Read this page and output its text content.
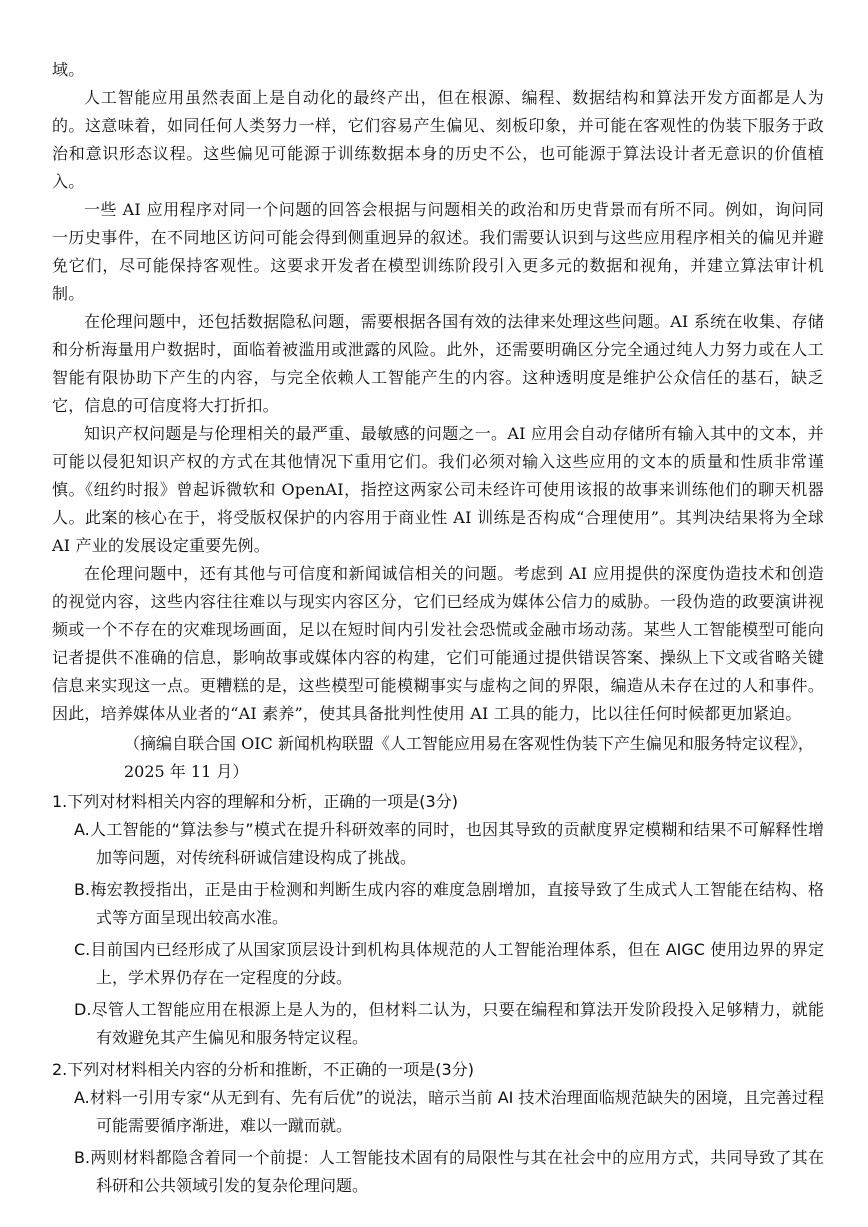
域。

人工智能应用虽然表面上是自动化的最终产出，但在根源、编程、数据结构和算法开发方面都是人为的。这意味着，如同任何人类努力一样，它们容易产生偏见、刻板印象，并可能在客观性的伪装下服务于政治和意识形态议程。这些偏见可能源于训练数据本身的历史不公，也可能源于算法设计者无意识的价值植入。

一些 AI 应用程序对同一个问题的回答会根据与问题相关的政治和历史背景而有所不同。例如，询问同一历史事件，在不同地区访问可能会得到侧重迥异的叙述。我们需要认识到与这些应用程序相关的偏见并避免它们，尽可能保持客观性。这要求开发者在模型训练阶段引入更多元的数据和视角，并建立算法审计机制。

在伦理问题中，还包括数据隐私问题，需要根据各国有效的法律来处理这些问题。AI 系统在收集、存储和分析海量用户数据时，面临着被滥用或泄露的风险。此外，还需要明确区分完全通过纯人力努力或在人工智能有限协助下产生的内容，与完全依赖人工智能产生的内容。这种透明度是维护公众信任的基石，缺乏它，信息的可信度将大打折扣。

知识产权问题是与伦理相关的最严重、最敏感的问题之一。AI 应用会自动存储所有输入其中的文本，并可能以侵犯知识产权的方式在其他情况下重用它们。我们必须对输入这些应用的文本的质量和性质非常谨慎。《纽约时报》曾起诉微软和 OpenAI，指控这两家公司未经许可使用该报的故事来训练他们的聊天机器人。此案的核心在于，将受版权保护的内容用于商业性 AI 训练是否构成“合理使用”。其判决结果将为全球 AI 产业的发展设定重要先例。

在伦理问题中，还有其他与可信度和新闻诚信相关的问题。考虑到 AI 应用提供的深度伪造技术和创造的视觉内容，这些内容往往难以与现实内容区分，它们已经成为媒体公信力的威胁。一段伪造的政要演讲视频或一个不存在的灾难现场画面，足以在短时间内引发社会恐慌或金融市场动荡。某些人工智能模型可能向记者提供不准确的信息，影响故事或媒体内容的构建，它们可能通过提供错误答案、操纵上下文或省略关键信息来实现这一点。更糟糕的是，这些模型可能模糊事实与虚构之间的界限，编造从未存在过的人和事件。因此，培养媒体从业者的“AI 素养”，使其具备批判性使用 AI 工具的能力，比以往任何时候都更加紧迫。

（摘编自联合国 OIC 新闻机构联盟《人工智能应用易在客观性伪装下产生偏见和服务特定议程》，2025 年 11 月）

1.下列对材料相关内容的理解和分析，正确的一项是(3分)

A.人工智能的“算法参与”模式在提升科研效率的同时，也因其导致的贡献度界定模糊和结果不可解释性增加等问题，对传统科研诚信建设构成了挑战。

B.梅宏教授指出，正是由于检测和判断生成内容的难度急剧增加，直接导致了生成式人工智能在结构、格式等方面呈现出较高水准。

C.目前国内已经形成了从国家顶层设计到机构具体规范的人工智能治理体系，但在 AIGC 使用边界的界定上，学术界仍存在一定程度的分歧。

D.尽管人工智能应用在根源上是人为的，但材料二认为，只要在编程和算法开发阶段投入足够精力，就能有效避免其产生偏见和服务特定议程。

2.下列对材料相关内容的分析和推断，不正确的一项是(3分)

A.材料一引用专家“从无到有、先有后优”的说法，暗示当前 AI 技术治理面临规范缺失的困境，且完善过程可能需要循序渐进，难以一蹴而就。

B.两则材料都隐含着同一个前提：人工智能技术固有的局限性与其在社会中的应用方式，共同导致了其在科研和公共领域引发的复杂伦理问题。
